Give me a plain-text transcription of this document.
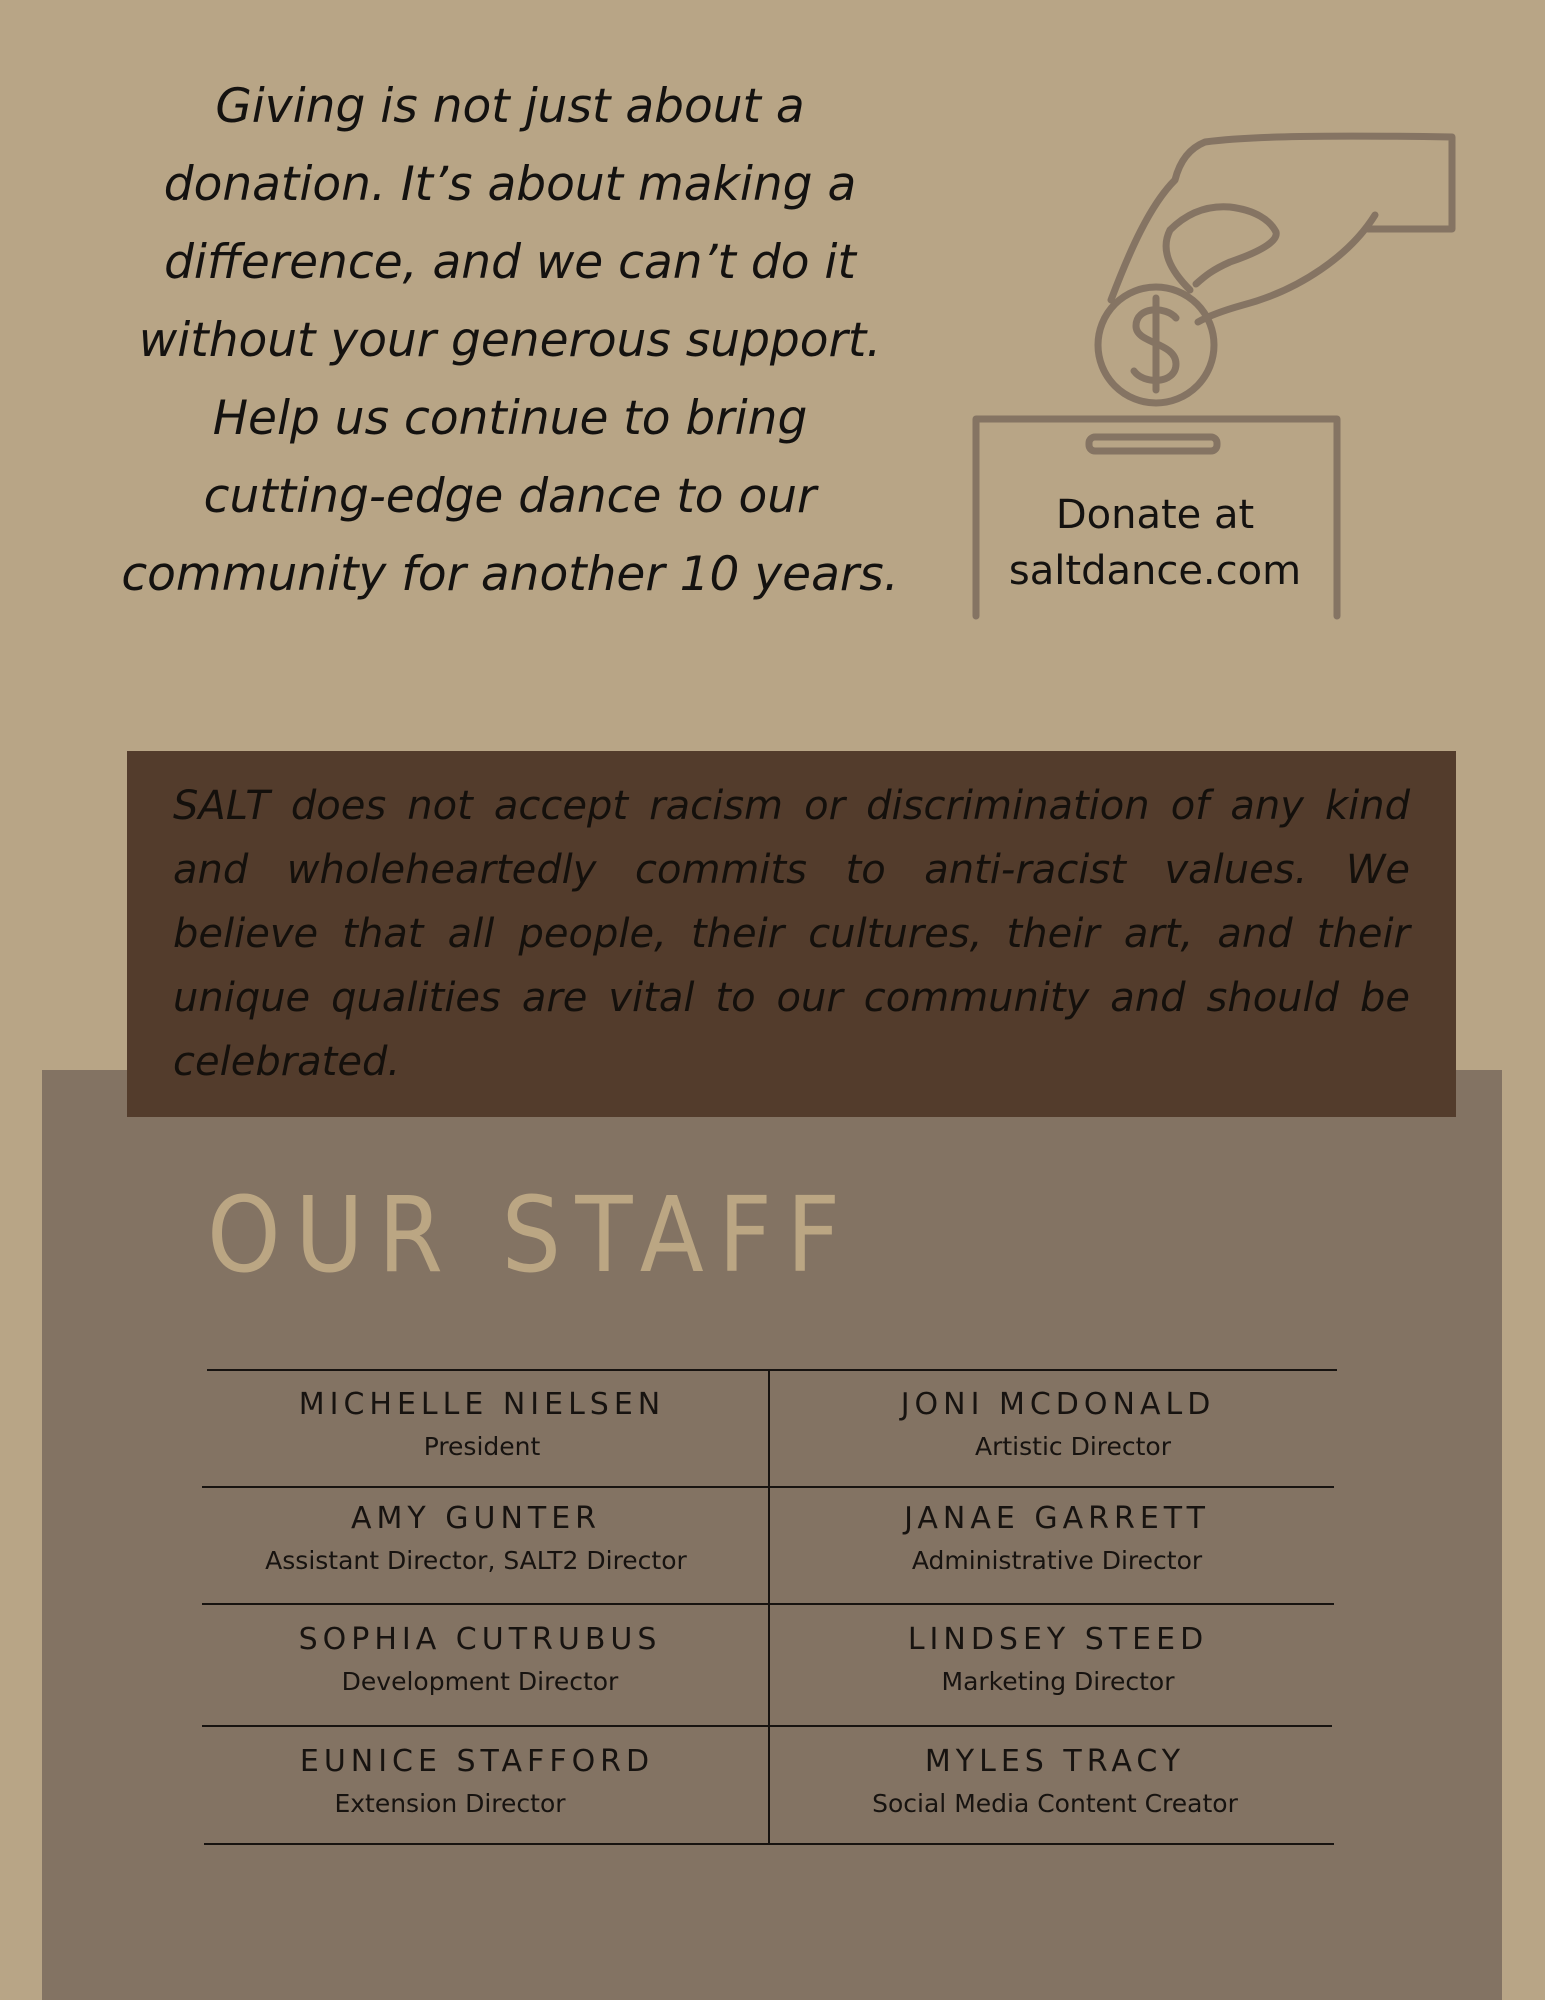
Giving is not just about a donation. It’s about making a difference, and we can’t do it without your generous support. Help us continue to bring cutting-edge dance to our community for another 10 years.

Donate at
saltdance.com

SALT does not accept racism or discrimination of any kind and wholeheartedly commits to anti-racist values. We believe that all people, their cultures, their art, and their unique qualities are vital to our community and should be celebrated.

OUR STAFF
MICHELLE NIELSEN
President
JONI MCDONALD
Artistic Director
AMY GUNTER
Assistant Director, SALT2 Director
JANAE GARRETT
Administrative Director
SOPHIA CUTRUBUS
Development Director
LINDSEY STEED
Marketing Director
EUNICE STAFFORD
Extension Director
MYLES TRACY
Social Media Content Creator
